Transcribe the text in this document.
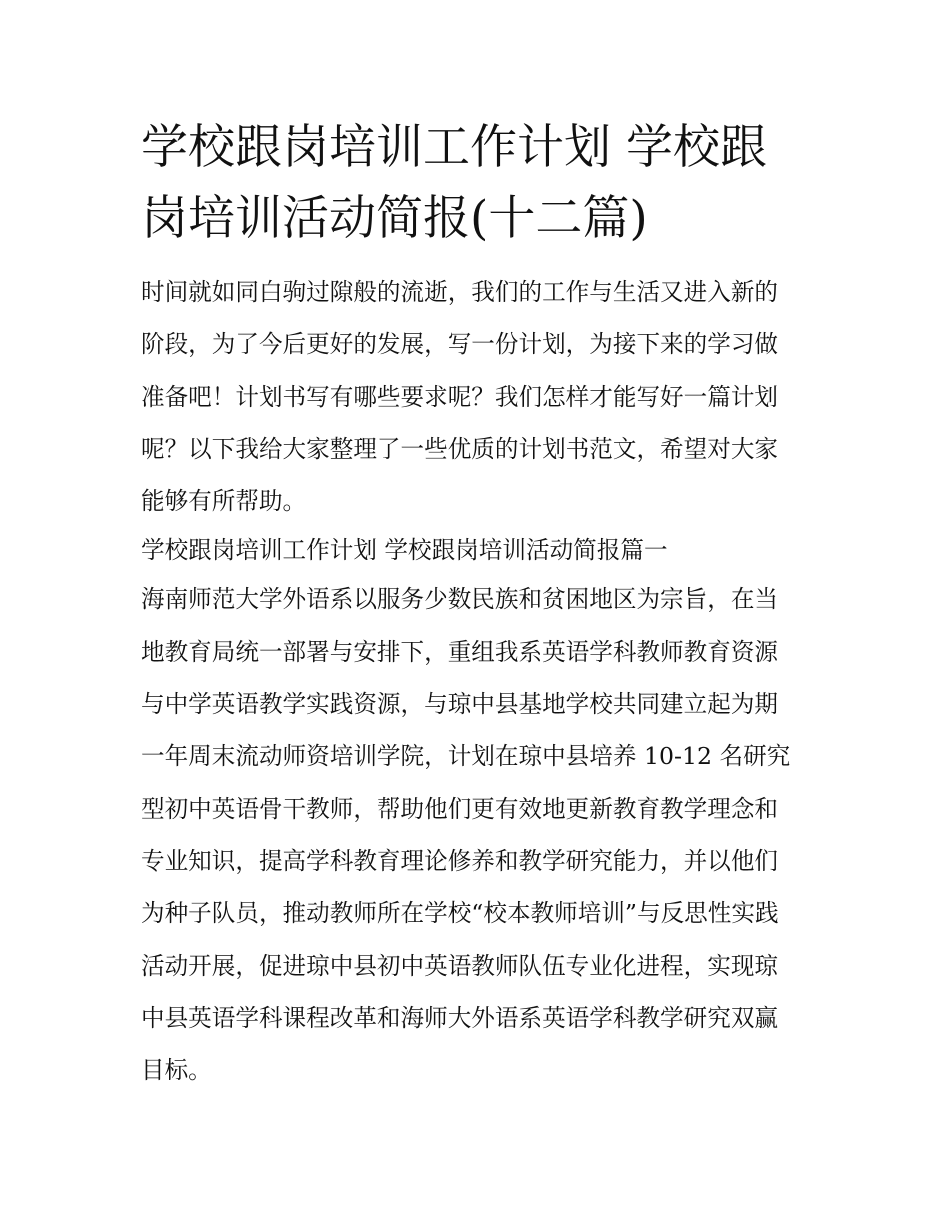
学校跟岗培训工作计划 学校跟
岗培训活动简报(十二篇)

时间就如同白驹过隙般的流逝，我们的工作与生活又进入新的
阶段，为了今后更好的发展，写一份计划，为接下来的学习做
准备吧！计划书写有哪些要求呢？我们怎样才能写好一篇计划
呢？以下我给大家整理了一些优质的计划书范文，希望对大家
能够有所帮助。

学校跟岗培训工作计划 学校跟岗培训活动简报篇一

海南师范大学外语系以服务少数民族和贫困地区为宗旨，在当
地教育局统一部署与安排下，重组我系英语学科教师教育资源
与中学英语教学实践资源，与琼中县基地学校共同建立起为期
一年周末流动师资培训学院，计划在琼中县培养 10-12 名研究
型初中英语骨干教师，帮助他们更有效地更新教育教学理念和
专业知识，提高学科教育理论修养和教学研究能力，并以他们
为种子队员，推动教师所在学校“校本教师培训”与反思性实践
活动开展，促进琼中县初中英语教师队伍专业化进程，实现琼
中县英语学科课程改革和海师大外语系英语学科教学研究双赢
目标。
